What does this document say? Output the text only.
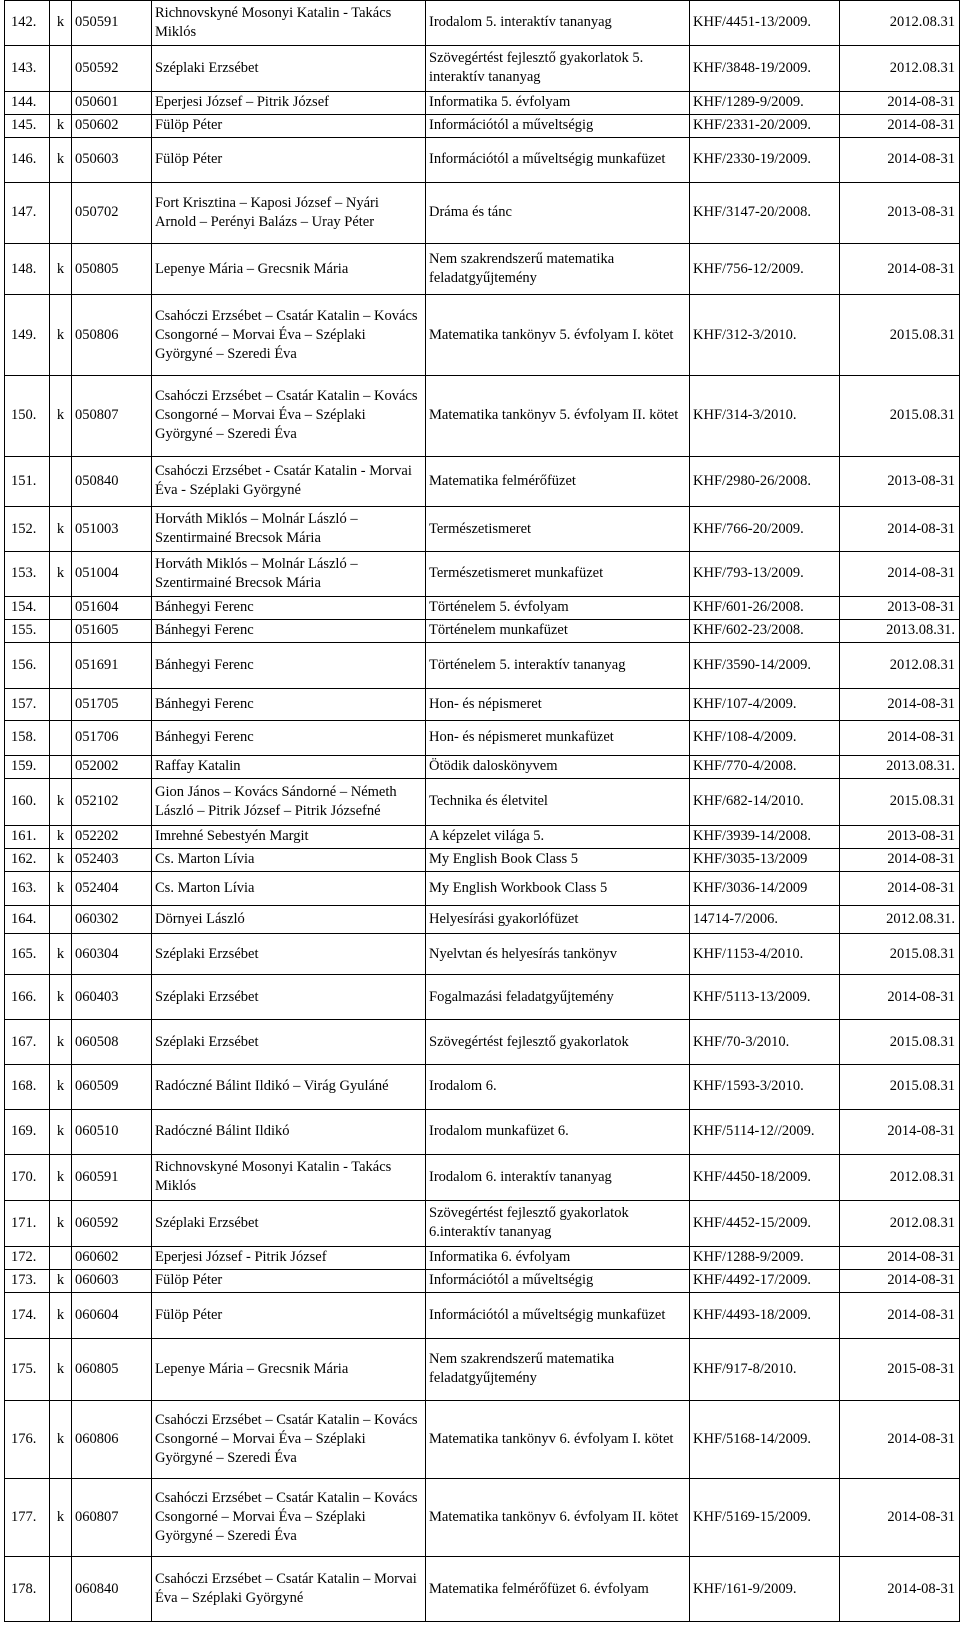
142.	k	050591	Richnovskyné Mosonyi Katalin - Takács Miklós	Irodalom 5. interaktív tananyag	KHF/4451-13/2009.	2012.08.31
143.		050592	Széplaki Erzsébet	Szövegértést fejlesztő gyakorlatok 5. interaktív tananyag	KHF/3848-19/2009.	2012.08.31
144.		050601	Eperjesi József – Pitrik József	Informatika 5. évfolyam	KHF/1289-9/2009.	2014-08-31
145.	k	050602	Fülöp Péter	Információtól a műveltségig	KHF/2331-20/2009.	2014-08-31
146.	k	050603	Fülöp Péter	Információtól a műveltségig munkafüzet	KHF/2330-19/2009.	2014-08-31
147.		050702	Fort Krisztina – Kaposi József – Nyári Arnold – Perényi Balázs – Uray Péter	Dráma és tánc	KHF/3147-20/2008.	2013-08-31
148.	k	050805	Lepenye Mária – Grecsnik Mária	Nem szakrendszerű matematika feladatgyűjtemény	KHF/756-12/2009.	2014-08-31
149.	k	050806	Csahóczi Erzsébet – Csatár Katalin – Kovács Csongorné – Morvai Éva – Széplaki Györgyné – Szeredi Éva	Matematika tankönyv 5. évfolyam I. kötet	KHF/312-3/2010.	2015.08.31
150.	k	050807	Csahóczi Erzsébet – Csatár Katalin – Kovács Csongorné – Morvai Éva – Széplaki Györgyné – Szeredi Éva	Matematika tankönyv 5. évfolyam II. kötet	KHF/314-3/2010.	2015.08.31
151.		050840	Csahóczi Erzsébet - Csatár Katalin - Morvai Éva - Széplaki Györgyné	Matematika felmérőfüzet	KHF/2980-26/2008.	2013-08-31
152.	k	051003	Horváth Miklós – Molnár László – Szentirmainé Brecsok Mária	Természetismeret	KHF/766-20/2009.	2014-08-31
153.	k	051004	Horváth Miklós – Molnár László – Szentirmainé Brecsok Mária	Természetismeret munkafüzet	KHF/793-13/2009.	2014-08-31
154.		051604	Bánhegyi Ferenc	Történelem 5. évfolyam	KHF/601-26/2008.	2013-08-31
155.		051605	Bánhegyi Ferenc	Történelem munkafüzet	KHF/602-23/2008.	2013.08.31.
156.		051691	Bánhegyi Ferenc	Történelem 5. interaktív tananyag	KHF/3590-14/2009.	2012.08.31
157.		051705	Bánhegyi Ferenc	Hon- és népismeret	KHF/107-4/2009.	2014-08-31
158.		051706	Bánhegyi Ferenc	Hon- és népismeret munkafüzet	KHF/108-4/2009.	2014-08-31
159.		052002	Raffay Katalin	Ötödik daloskönyvem	KHF/770-4/2008.	2013.08.31.
160.	k	052102	Gion János – Kovács Sándorné – Németh László – Pitrik József – Pitrik Józsefné	Technika és életvitel	KHF/682-14/2010.	2015.08.31
161.	k	052202	Imrehné Sebestyén Margit	A képzelet világa 5.	KHF/3939-14/2008.	2013-08-31
162.	k	052403	Cs. Marton Lívia	My English Book Class 5	KHF/3035-13/2009	2014-08-31
163.	k	052404	Cs. Marton Lívia	My English Workbook Class 5	KHF/3036-14/2009	2014-08-31
164.		060302	Dörnyei László	Helyesírási gyakorlófüzet	14714-7/2006.	2012.08.31.
165.	k	060304	Széplaki Erzsébet	Nyelvtan és helyesírás tankönyv	KHF/1153-4/2010.	2015.08.31
166.	k	060403	Széplaki Erzsébet	Fogalmazási feladatgyűjtemény	KHF/5113-13/2009.	2014-08-31
167.	k	060508	Széplaki Erzsébet	Szövegértést fejlesztő gyakorlatok	KHF/70-3/2010.	2015.08.31
168.	k	060509	Radóczné Bálint Ildikó – Virág Gyuláné	Irodalom 6.	KHF/1593-3/2010.	2015.08.31
169.	k	060510	Radóczné Bálint Ildikó	Irodalom munkafüzet 6.	KHF/5114-12//2009.	2014-08-31
170.	k	060591	Richnovskyné Mosonyi Katalin - Takács Miklós	Irodalom 6. interaktív tananyag	KHF/4450-18/2009.	2012.08.31
171.	k	060592	Széplaki Erzsébet	Szövegértést fejlesztő gyakorlatok 6.interaktív tananyag	KHF/4452-15/2009.	2012.08.31
172.		060602	Eperjesi József - Pitrik József	Informatika 6. évfolyam	KHF/1288-9/2009.	2014-08-31
173.	k	060603	Fülöp Péter	Információtól a műveltségig	KHF/4492-17/2009.	2014-08-31
174.	k	060604	Fülöp Péter	Információtól a műveltségig munkafüzet	KHF/4493-18/2009.	2014-08-31
175.	k	060805	Lepenye Mária – Grecsnik Mária	Nem szakrendszerű matematika feladatgyűjtemény	KHF/917-8/2010.	2015-08-31
176.	k	060806	Csahóczi Erzsébet – Csatár Katalin – Kovács Csongorné – Morvai Éva – Széplaki Györgyné – Szeredi Éva	Matematika tankönyv 6. évfolyam I. kötet	KHF/5168-14/2009.	2014-08-31
177.	k	060807	Csahóczi Erzsébet – Csatár Katalin – Kovács Csongorné – Morvai Éva – Széplaki Györgyné – Szeredi Éva	Matematika tankönyv 6. évfolyam II. kötet	KHF/5169-15/2009.	2014-08-31
178.		060840	Csahóczi Erzsébet – Csatár Katalin – Morvai Éva – Széplaki Györgyné	Matematika felmérőfüzet 6. évfolyam	KHF/161-9/2009.	2014-08-31
